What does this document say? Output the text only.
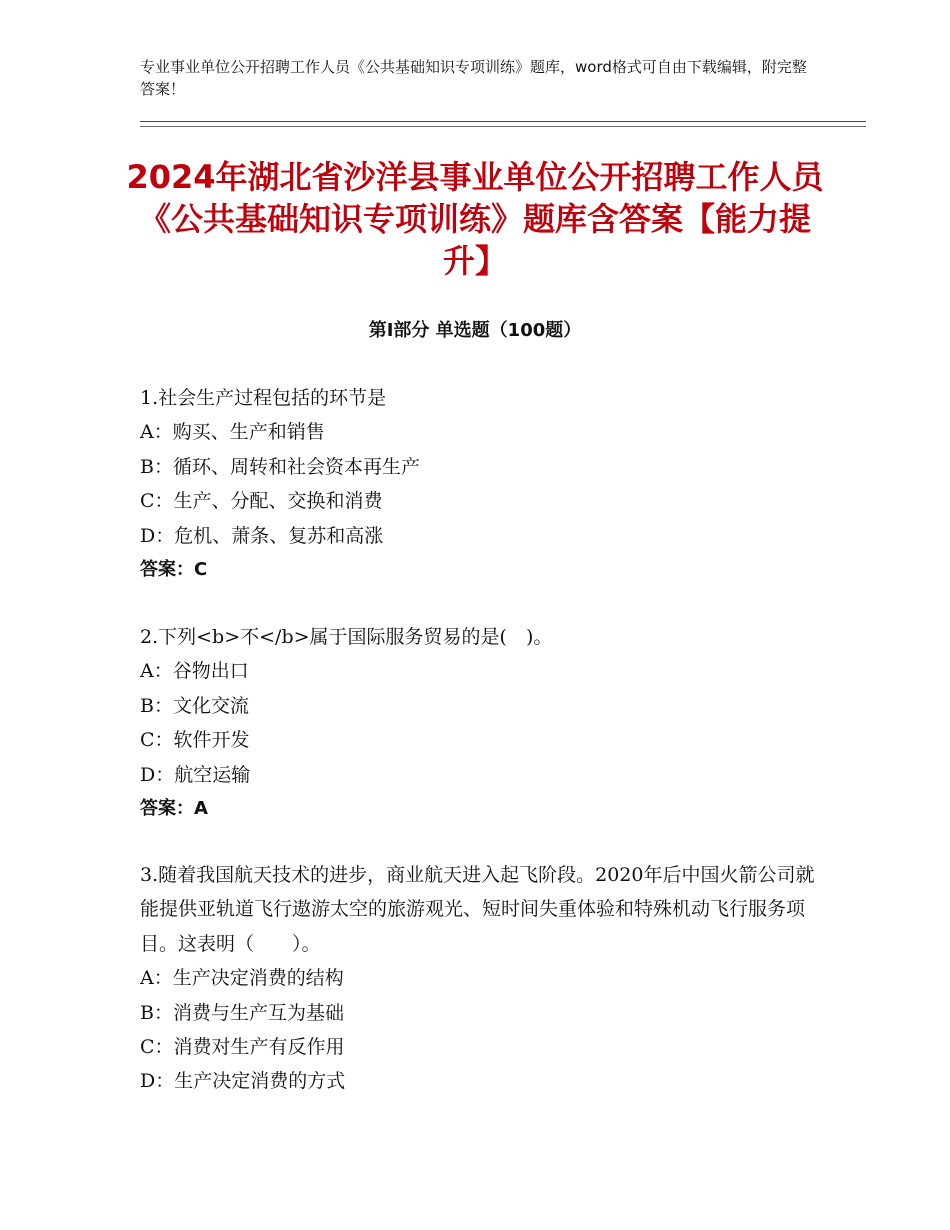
专业事业单位公开招聘工作人员《公共基础知识专项训练》题库，word格式可自由下载编辑，附完整答案！
2024年湖北省沙洋县事业单位公开招聘工作人员《公共基础知识专项训练》题库含答案【能力提升】
第Ⅰ部分 单选题（100题）
1.社会生产过程包括的环节是
A：购买、生产和销售
B：循环、周转和社会资本再生产
C：生产、分配、交换和消费
D：危机、萧条、复苏和高涨
答案：C
2.下列<b>不</b>属于国际服务贸易的是(　)。
A：谷物出口
B：文化交流
C：软件开发
D：航空运输
答案：A
3.随着我国航天技术的进步，商业航天进入起飞阶段。2020年后中国火箭公司就能提供亚轨道飞行遨游太空的旅游观光、短时间失重体验和特殊机动飞行服务项目。这表明（　　）。
A：生产决定消费的结构
B：消费与生产互为基础
C：消费对生产有反作用
D：生产决定消费的方式
